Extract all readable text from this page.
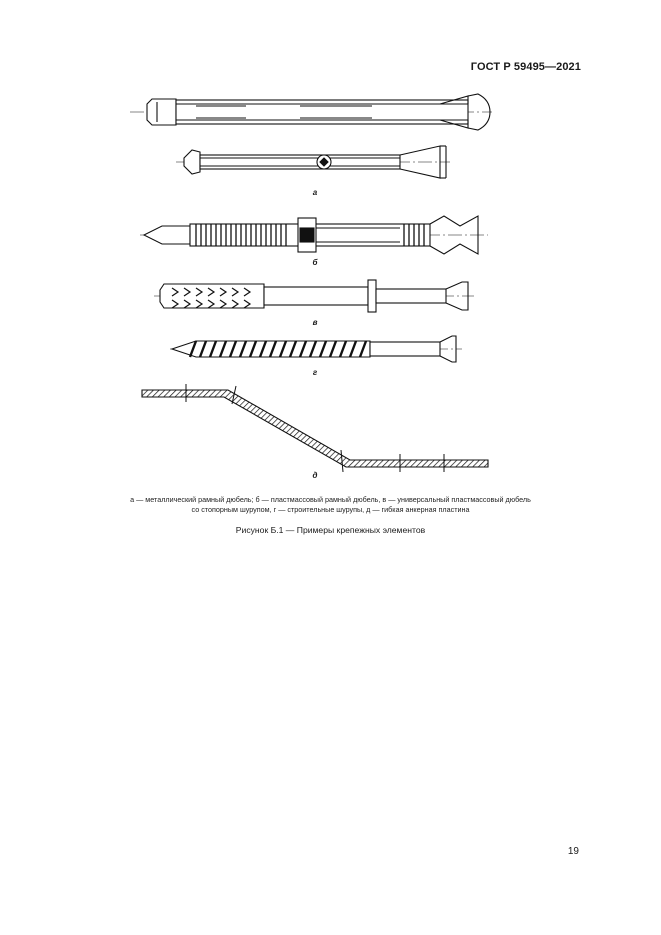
ГОСТ Р 59495—2021
а
б
в
г
д
а — металлический рамный дюбель; б — пластмассовый рамный дюбель, в — универсальный пластмассовый дюбель
со стопорным шурупом, г — строительные шурупы, д — гибкая анкерная пластина
Рисунок Б.1 — Примеры крепежных элементов
19
